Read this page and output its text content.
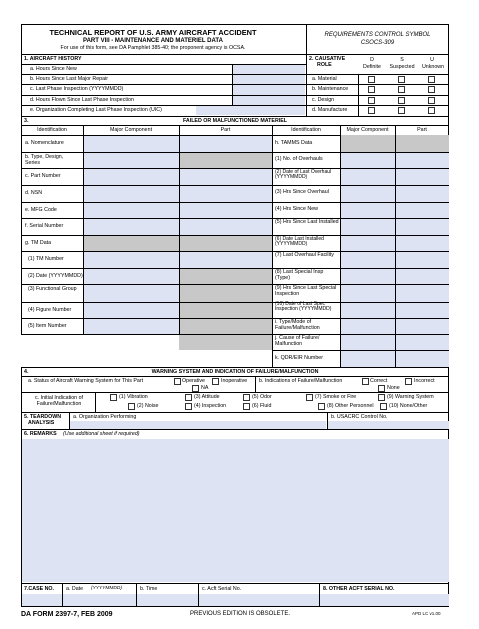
TECHNICAL REPORT OF U.S. ARMY AIRCRAFT ACCIDENT
PART VIII - MAINTENANCE AND MATERIEL DATA
For use of this form, see DA Pamphlet 385-40; the proponent agency is OCSA.
REQUIREMENTS CONTROL SYMBOL
CSOCS-309
1. AIRCRAFT HISTORY
a. Hours Since New
b. Hours Since Last Major Repair
c. Last Phase Inspection (YYYYMMDD)
d. Hours Flown Since Last Phase Inspection
e. Organization Completing Last Phase Inspection (UIC)
2. CAUSATIVE
ROLE
D	S	U
Definite	Suspected	Unknown
a. Material
b. Maintenance
c. Design
d. Manufacture
3.	FAILED OR MALFUNCTIONED MATERIEL
Identification	Major Component	Part	Identification	Major Component	Part
a. Nomenclature
b. Type, Design, Series
c. Part Number
d. NSN
e. MFG Code
f. Serial Number
g. TM Data
(1) TM Number
(2) Date (YYYYMMDD)
(3) Functional Group
(4) Figure Number
(5) Item Number
h. TAMMS Data
(1) No. of Overhauls
(2) Date of Last Overhaul (YYYYMMDD)
(3) Hrs Since Overhaul
(4) Hrs Since New
(5) Hrs Since Last Installed
(6) Date Last Installed (YYYYMMDD)
(7) Last Overhaul Facility
(8) Last Special Insp (Type)
(9) Hrs Since Last Special Inspection
(10) Date of Last Spec Inspection (YYYYMMDD)
i. Type/Mode of Failure/Malfunction
j. Cause of Failure/ Malfunction
k. QDR/EIR Number
4.	WARNING SYSTEM AND INDICATION OF FAILURE/MALFUNCTION
a. Status of Aircraft Warning System for This Part	Operative	Inoperative
NA
b. Indications of Failure/Malfunction	Correct	Incorrect
None
c. Initial Indication of Failure/Malfunction
(1) Vibration	(3) Attitude	(5) Odor	(7) Smoke or Fire	(9) Warning System
(2) Noise	(4) Inspection	(6) Fluid	(8) Other Personnel	(10) None/Other
5. TEARDOWN
ANALYSIS
a. Organization Performing	b. USACRC Control No.
6. REMARKS (Use additional sheet if required)
7.CASE NO. a. Date (YYYYMMDD)	b. Time	c. Acft Serial No.	8. OTHER ACFT SERIAL NO.
DA FORM 2397-7, FEB 2009	PREVIOUS EDITION IS OBSOLETE.	APD LC v1.00
